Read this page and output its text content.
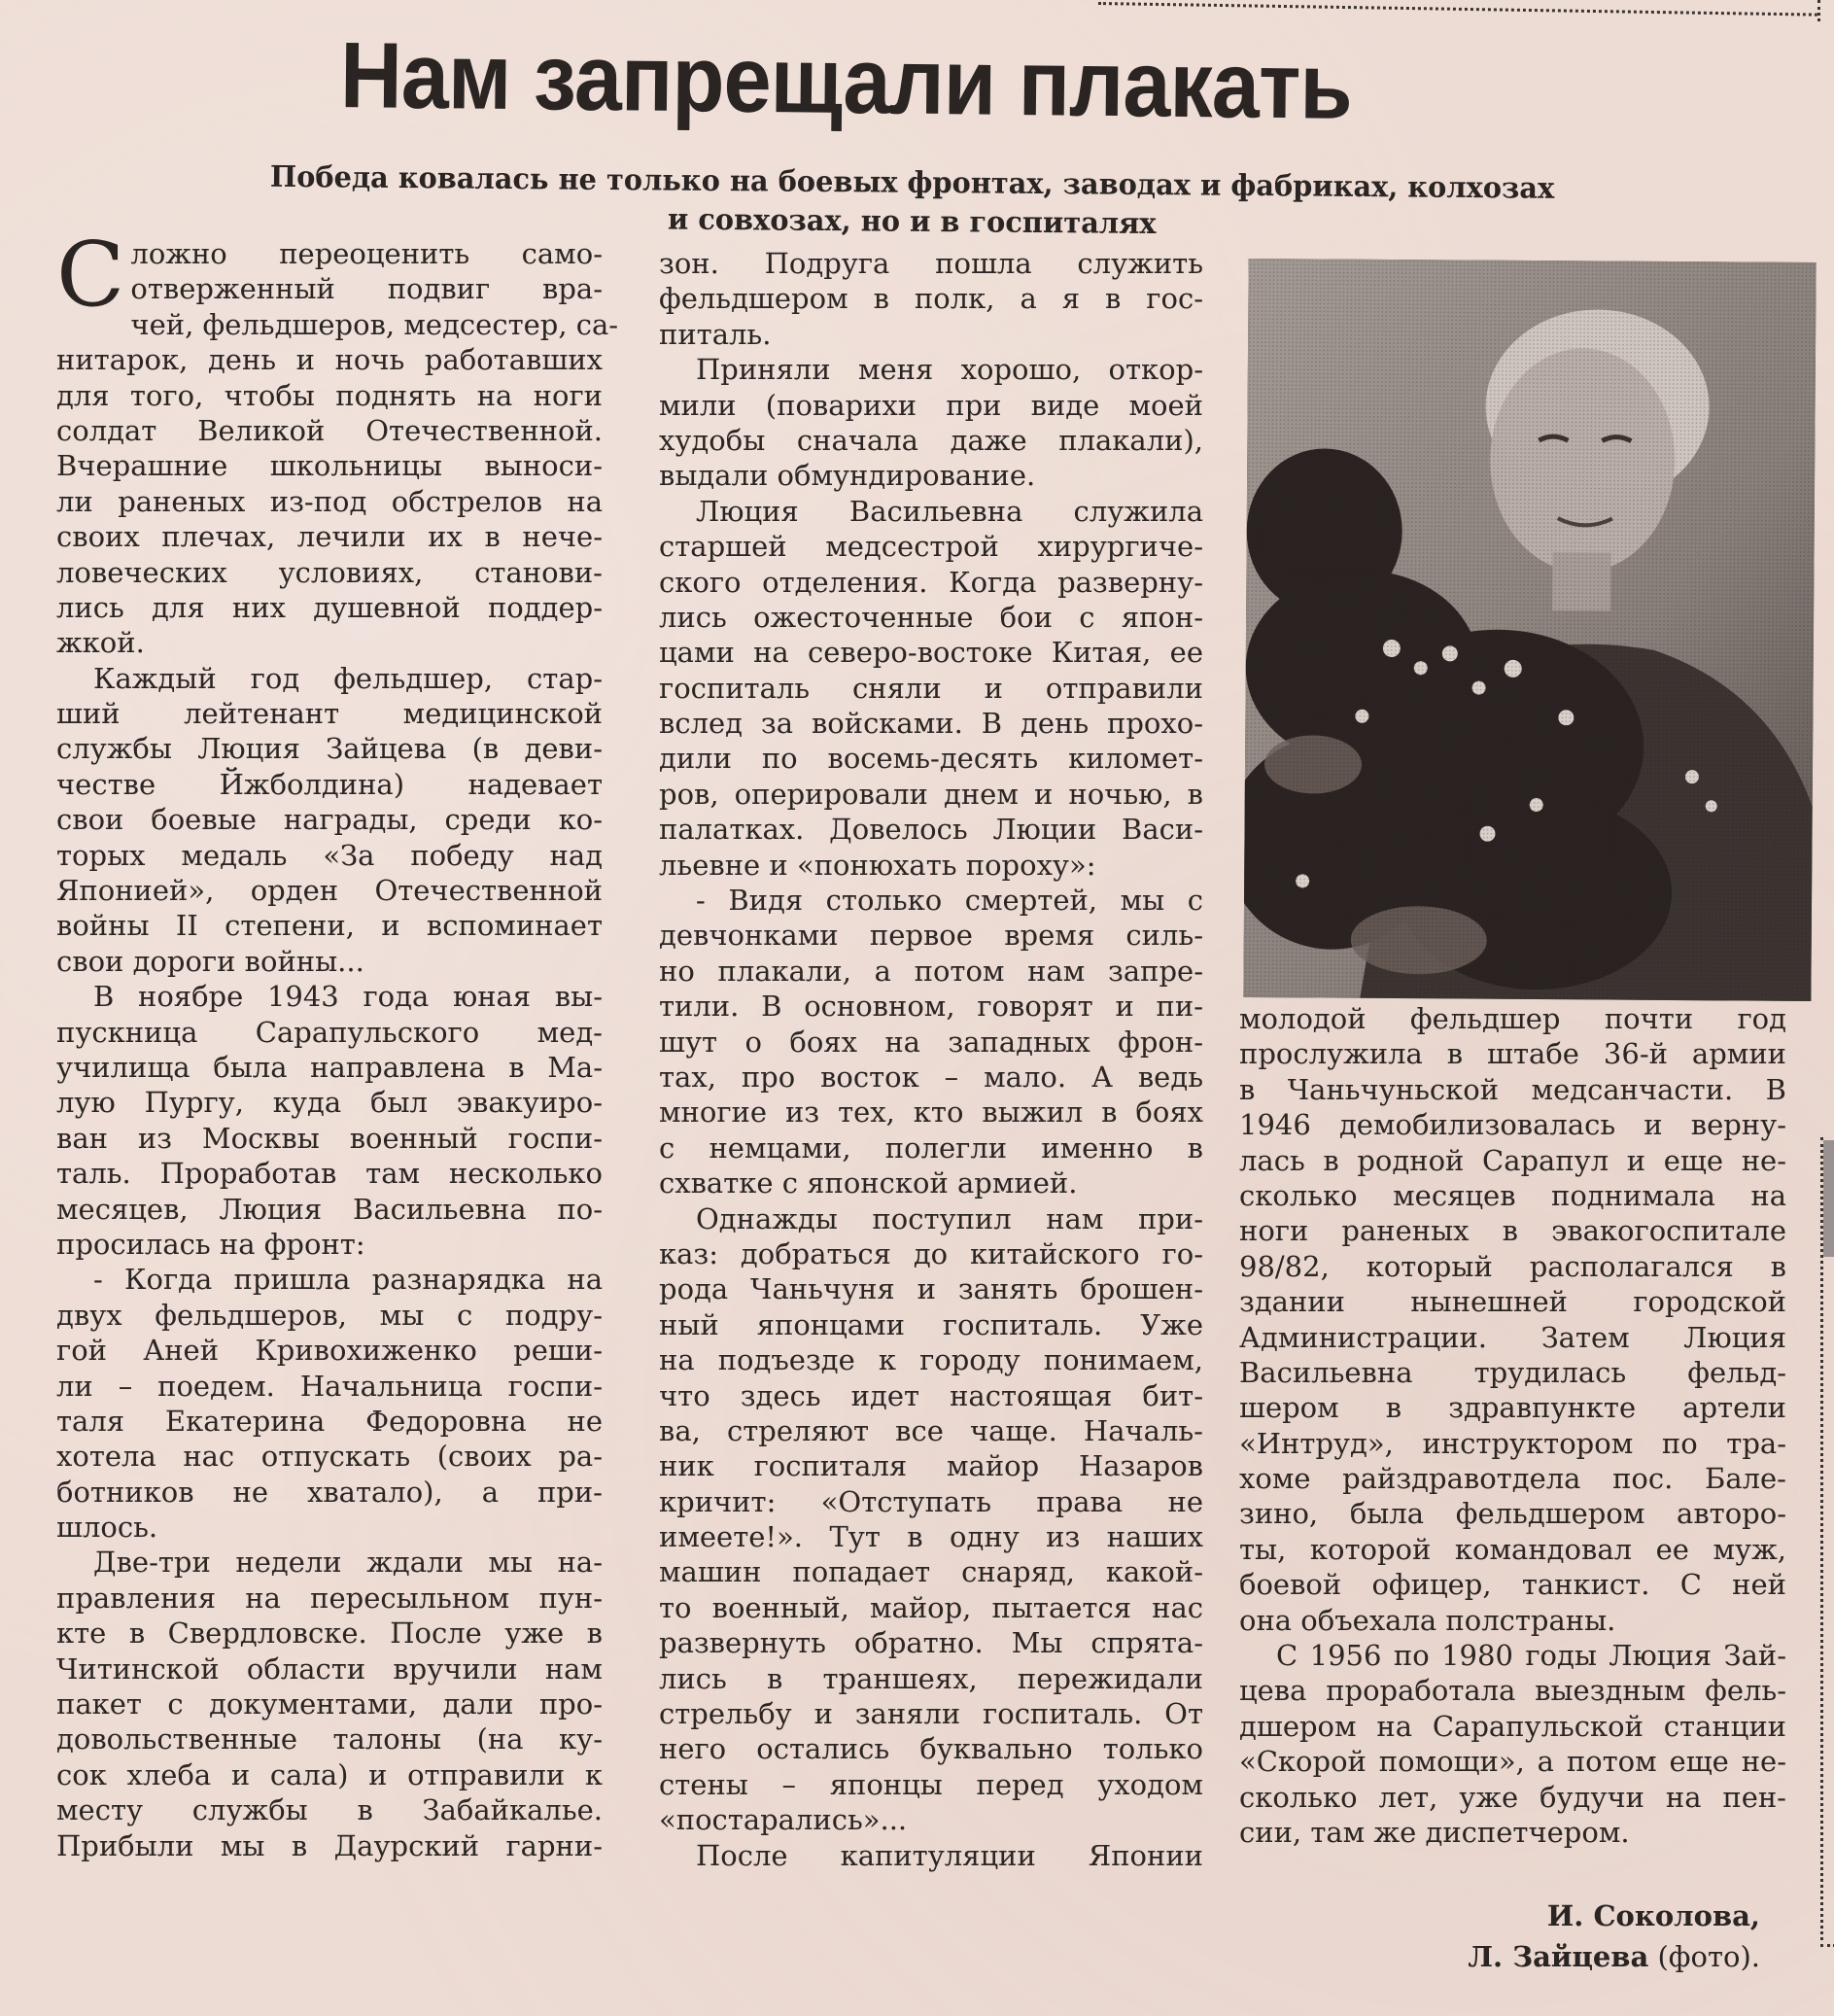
Нам запрещали плакать
Победа ковалась не только на боевых фронтах, заводах и фабриках, колхозах
и совхозах, но и в госпиталях
С ложно переоценить само-
отверженный подвиг вра-
чей, фельдшеров, медсестер, са-
нитарок, день и ночь работавших
для того, чтобы поднять на ноги
солдат Великой Отечественной.
Вчерашние школьницы выноси-
ли раненых из-под обстрелов на
своих плечах, лечили их в нече-
ловеческих условиях, станови-
лись для них душевной поддер-
жкой.
Каждый год фельдшер, стар-
ший лейтенант медицинской
службы Люция Зайцева (в деви-
честве Йжболдина) надевает
свои боевые награды, среди ко-
торых медаль «За победу над
Японией», орден Отечественной
войны II степени, и вспоминает
свои дороги войны...
В ноябре 1943 года юная вы-
пускница Сарапульского мед-
училища была направлена в Ма-
лую Пургу, куда был эвакуиро-
ван из Москвы военный госпи-
таль. Проработав там несколько
месяцев, Люция Васильевна по-
просилась на фронт:
- Когда пришла разнарядка на
двух фельдшеров, мы с подру-
гой Аней Кривохиженко реши-
ли – поедем. Начальница госпи-
таля Екатерина Федоровна не
хотела нас отпускать (своих ра-
ботников не хватало), а при-
шлось.
Две-три недели ждали мы на-
правления на пересыльном пун-
кте в Свердловске. После уже в
Читинской области вручили нам
пакет с документами, дали про-
довольственные талоны (на ку-
сок хлеба и сала) и отправили к
месту службы в Забайкалье.
Прибыли мы в Даурский гарни-
зон. Подруга пошла служить
фельдшером в полк, а я в гос-
питаль.
Приняли меня хорошо, откор-
мили (поварихи при виде моей
худобы сначала даже плакали),
выдали обмундирование.
Люция Васильевна служила
старшей медсестрой хирургиче-
ского отделения. Когда разверну-
лись ожесточенные бои с япон-
цами на северо-востоке Китая, ее
госпиталь сняли и отправили
вслед за войсками. В день прохо-
дили по восемь-десять километ-
ров, оперировали днем и ночью, в
палатках. Довелось Люции Васи-
льевне и «понюхать пороху»:
- Видя столько смертей, мы с
девчонками первое время силь-
но плакали, а потом нам запре-
тили. В основном, говорят и пи-
шут о боях на западных фрон-
тах, про восток – мало. А ведь
многие из тех, кто выжил в боях
с немцами, полегли именно в
схватке с японской армией.
Однажды поступил нам при-
каз: добраться до китайского го-
рода Чаньчуня и занять брошен-
ный японцами госпиталь. Уже
на подъезде к городу понимаем,
что здесь идет настоящая бит-
ва, стреляют все чаще. Началь-
ник госпиталя майор Назаров
кричит: «Отступать права не
имеете!». Тут в одну из наших
машин попадает снаряд, какой-
то военный, майор, пытается нас
развернуть обратно. Мы спрята-
лись в траншеях, пережидали
стрельбу и заняли госпиталь. От
него остались буквально только
стены – японцы перед уходом
«постарались»...
После капитуляции Японии
молодой фельдшер почти год
прослужила в штабе 36-й армии
в Чаньчуньской медсанчасти. В
1946 демобилизовалась и верну-
лась в родной Сарапул и еще не-
сколько месяцев поднимала на
ноги раненых в эвакогоспитале
98/82, который располагался в
здании нынешней городской
Администрации. Затем Люция
Васильевна трудилась фельд-
шером в здравпункте артели
«Интруд», инструктором по тра-
хоме райздравотдела пос. Бале-
зино, была фельдшером авторо-
ты, которой командовал ее муж,
боевой офицер, танкист. С ней
она объехала полстраны.
С 1956 по 1980 годы Люция Зай-
цева проработала выездным фель-
дшером на Сарапульской станции
«Скорой помощи», а потом еще не-
сколько лет, уже будучи на пен-
сии, там же диспетчером.
И. Соколова,
Л. Зайцева (фото).
